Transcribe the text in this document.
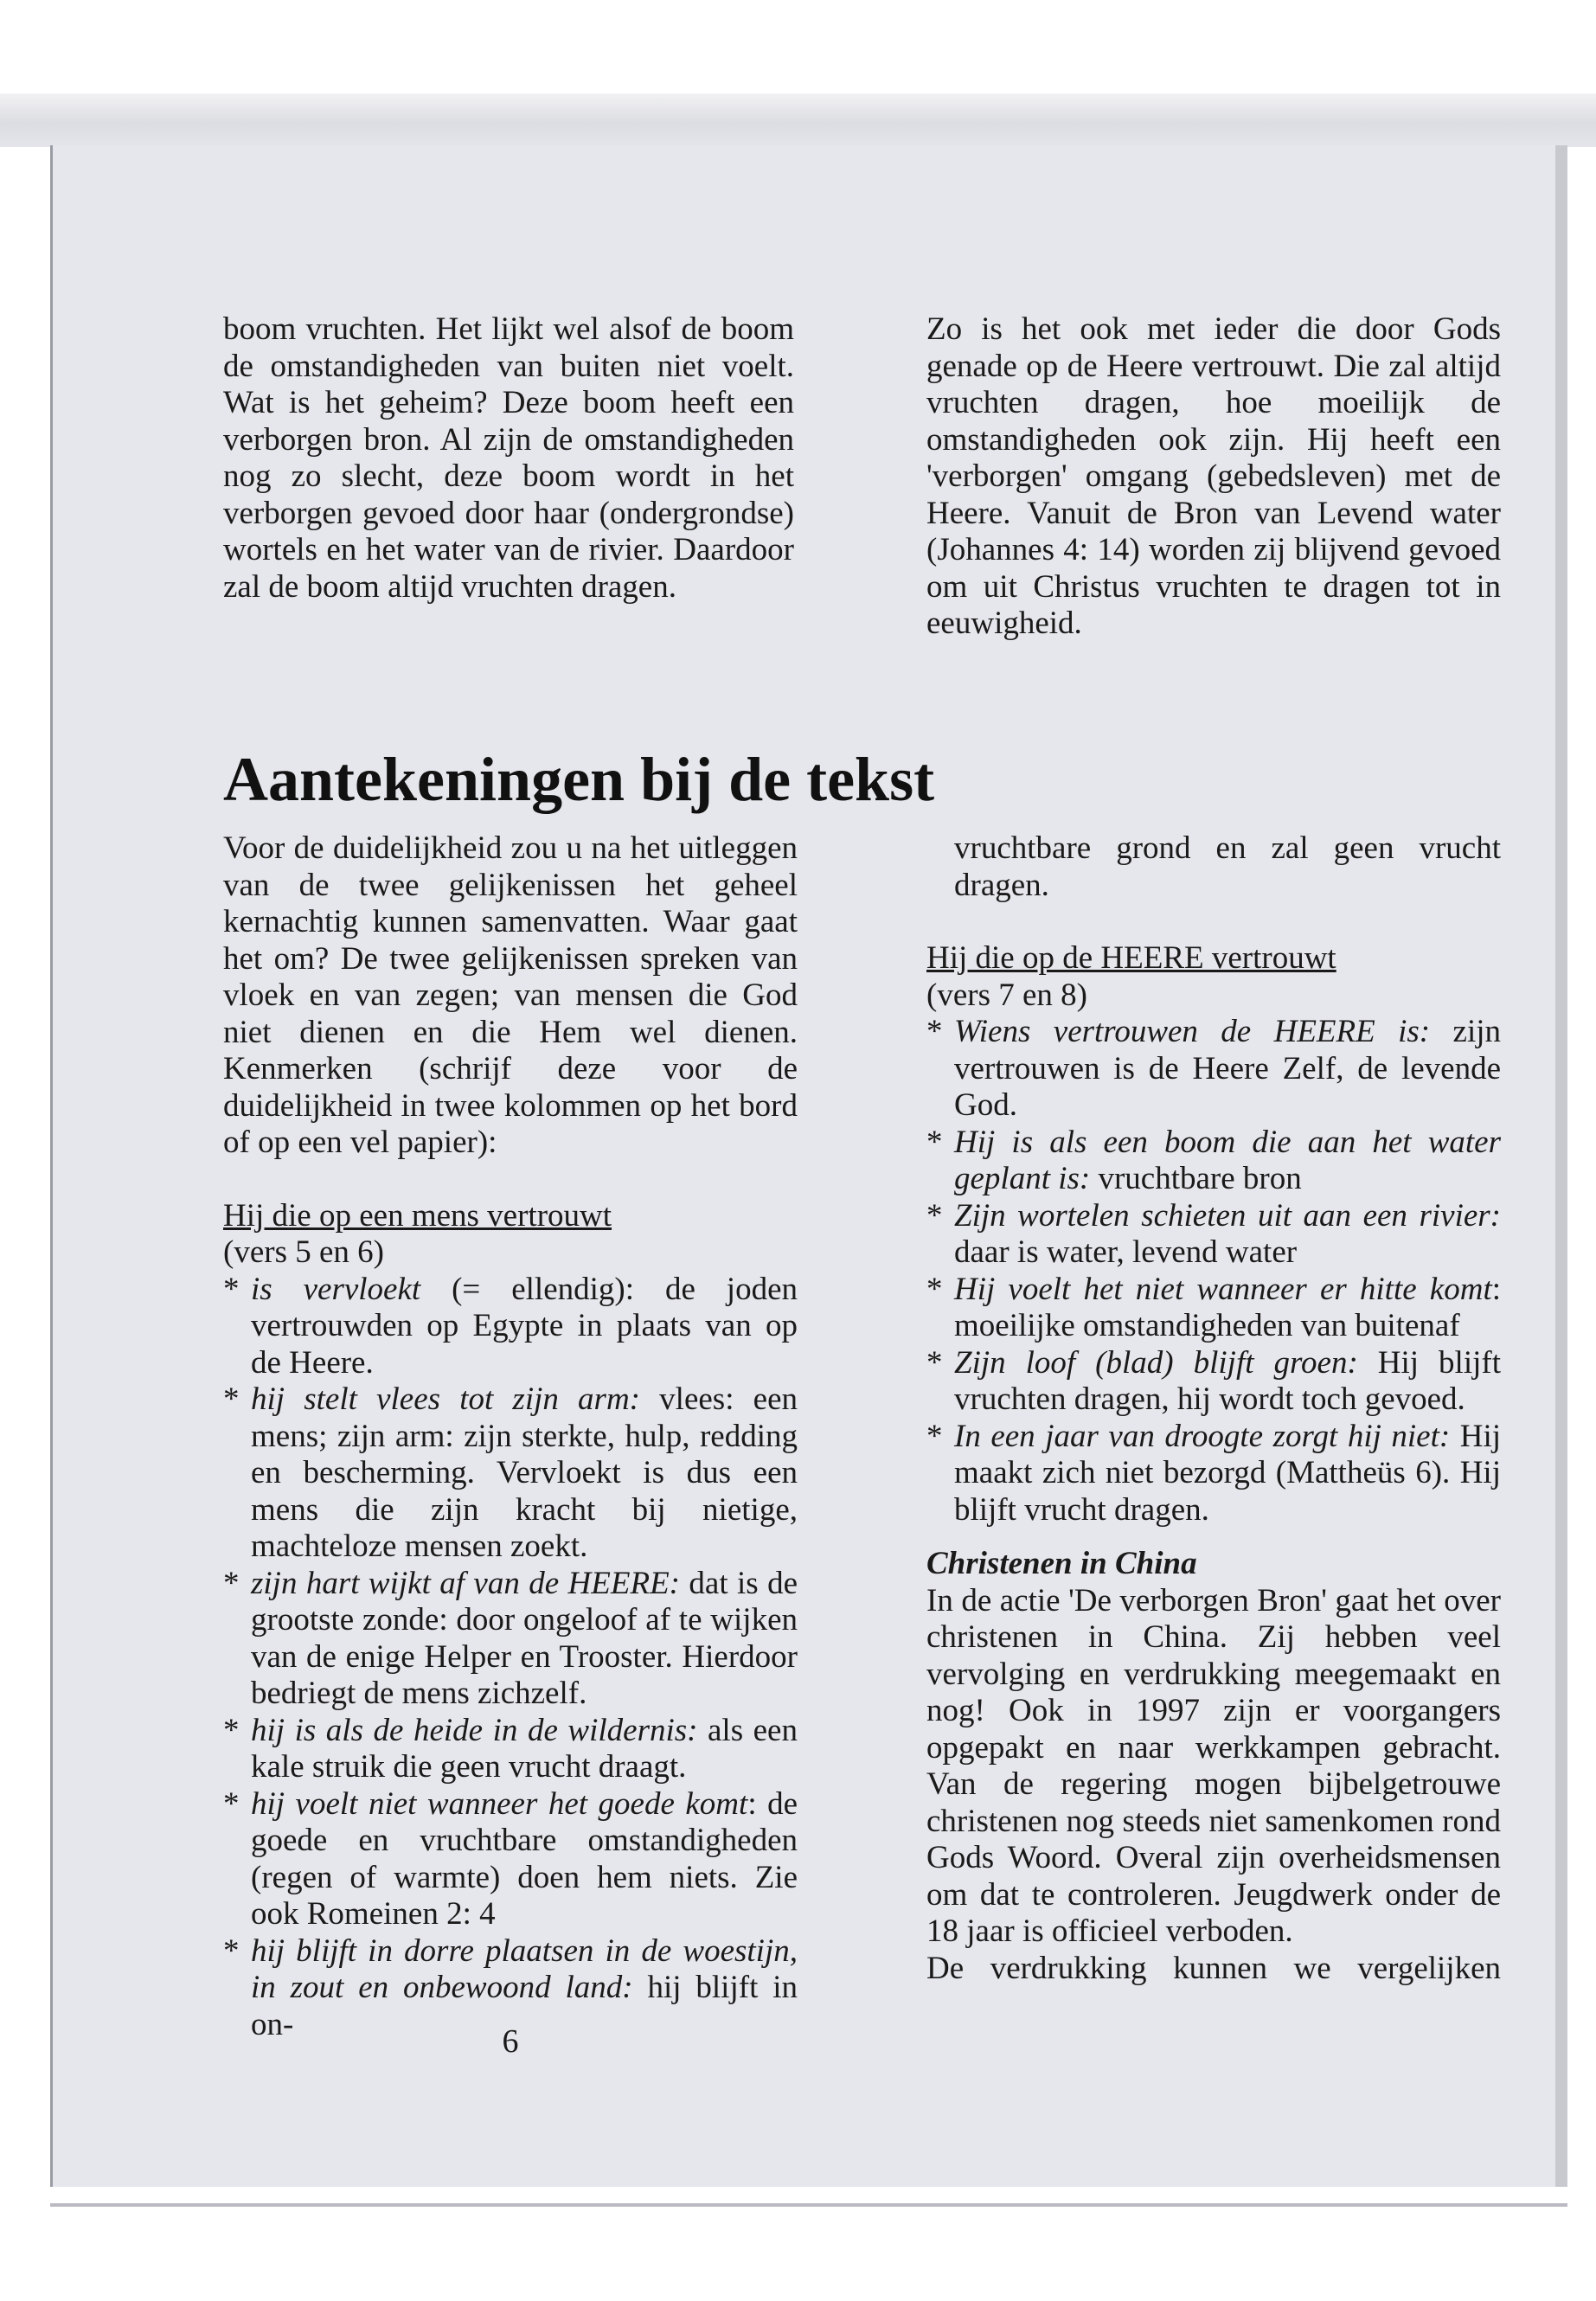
boom vruchten. Het lijkt wel alsof de boom de omstandigheden van buiten niet voelt. Wat is het geheim? Deze boom heeft een verborgen bron. Al zijn de omstandigheden nog zo slecht, deze boom wordt in het verborgen gevoed door haar (ondergrondse) wortels en het water van de rivier. Daardoor zal de boom altijd vruchten dragen.

Zo is het ook met ieder die door Gods genade op de Heere vertrouwt. Die zal altijd vruchten dragen, hoe moeilijk de omstandigheden ook zijn. Hij heeft een 'verborgen' omgang (gebedsleven) met de Heere. Vanuit de Bron van Levend water (Johannes 4: 14) worden zij blijvend gevoed om uit Christus vruchten te dragen tot in eeuwigheid.

Aantekeningen bij de tekst

Voor de duidelijkheid zou u na het uitleggen van de twee gelijkenissen het geheel kernachtig kunnen samenvatten. Waar gaat het om? De twee gelijkenissen spreken van vloek en van zegen; van mensen die God niet dienen en die Hem wel dienen. Kenmerken (schrijf deze voor de duidelijkheid in twee kolommen op het bord of op een vel papier):

Hij die op een mens vertrouwt

(vers 5 en 6)

* is vervloekt (= ellendig): de joden vertrouwden op Egypte in plaats van op de Heere.
* hij stelt vlees tot zijn arm: vlees: een mens; zijn arm: zijn sterkte, hulp, redding en bescherming. Vervloekt is dus een mens die zijn kracht bij nietige, machteloze mensen zoekt.
* zijn hart wijkt af van de HEERE: dat is de grootste zonde: door ongeloof af te wijken van de enige Helper en Trooster. Hierdoor bedriegt de mens zichzelf.
* hij is als de heide in de wildernis: als een kale struik die geen vrucht draagt.
* hij voelt niet wanneer het goede komt: de goede en vruchtbare omstandigheden (regen of warmte) doen hem niets. Zie ook Romeinen 2: 4
* hij blijft in dorre plaatsen in de woestijn, in zout en onbewoond land: hij blijft in on-

vruchtbare grond en zal geen vrucht dragen.

Hij die op de HEERE vertrouwt

(vers 7 en 8)

* Wiens vertrouwen de HEERE is: zijn vertrouwen is de Heere Zelf, de levende God.
* Hij is als een boom die aan het water geplant is: vruchtbare bron
* Zijn wortelen schieten uit aan een rivier: daar is water, levend water
* Hij voelt het niet wanneer er hitte komt: moeilijke omstandigheden van buitenaf
* Zijn loof (blad) blijft groen: Hij blijft vruchten dragen, hij wordt toch gevoed.
* In een jaar van droogte zorgt hij niet: Hij maakt zich niet bezorgd (Mattheüs 6). Hij blijft vrucht dragen.

Christenen in China

In de actie 'De verborgen Bron' gaat het over christenen in China. Zij hebben veel vervolging en verdrukking meegemaakt en nog! Ook in 1997 zijn er voorgangers opgepakt en naar werkkampen gebracht. Van de regering mogen bijbelgetrouwe christenen nog steeds niet samenkomen rond Gods Woord. Overal zijn overheidsmensen om dat te controleren. Jeugdwerk onder de 18 jaar is officieel verboden.

De verdrukking kunnen we vergelijken

6
